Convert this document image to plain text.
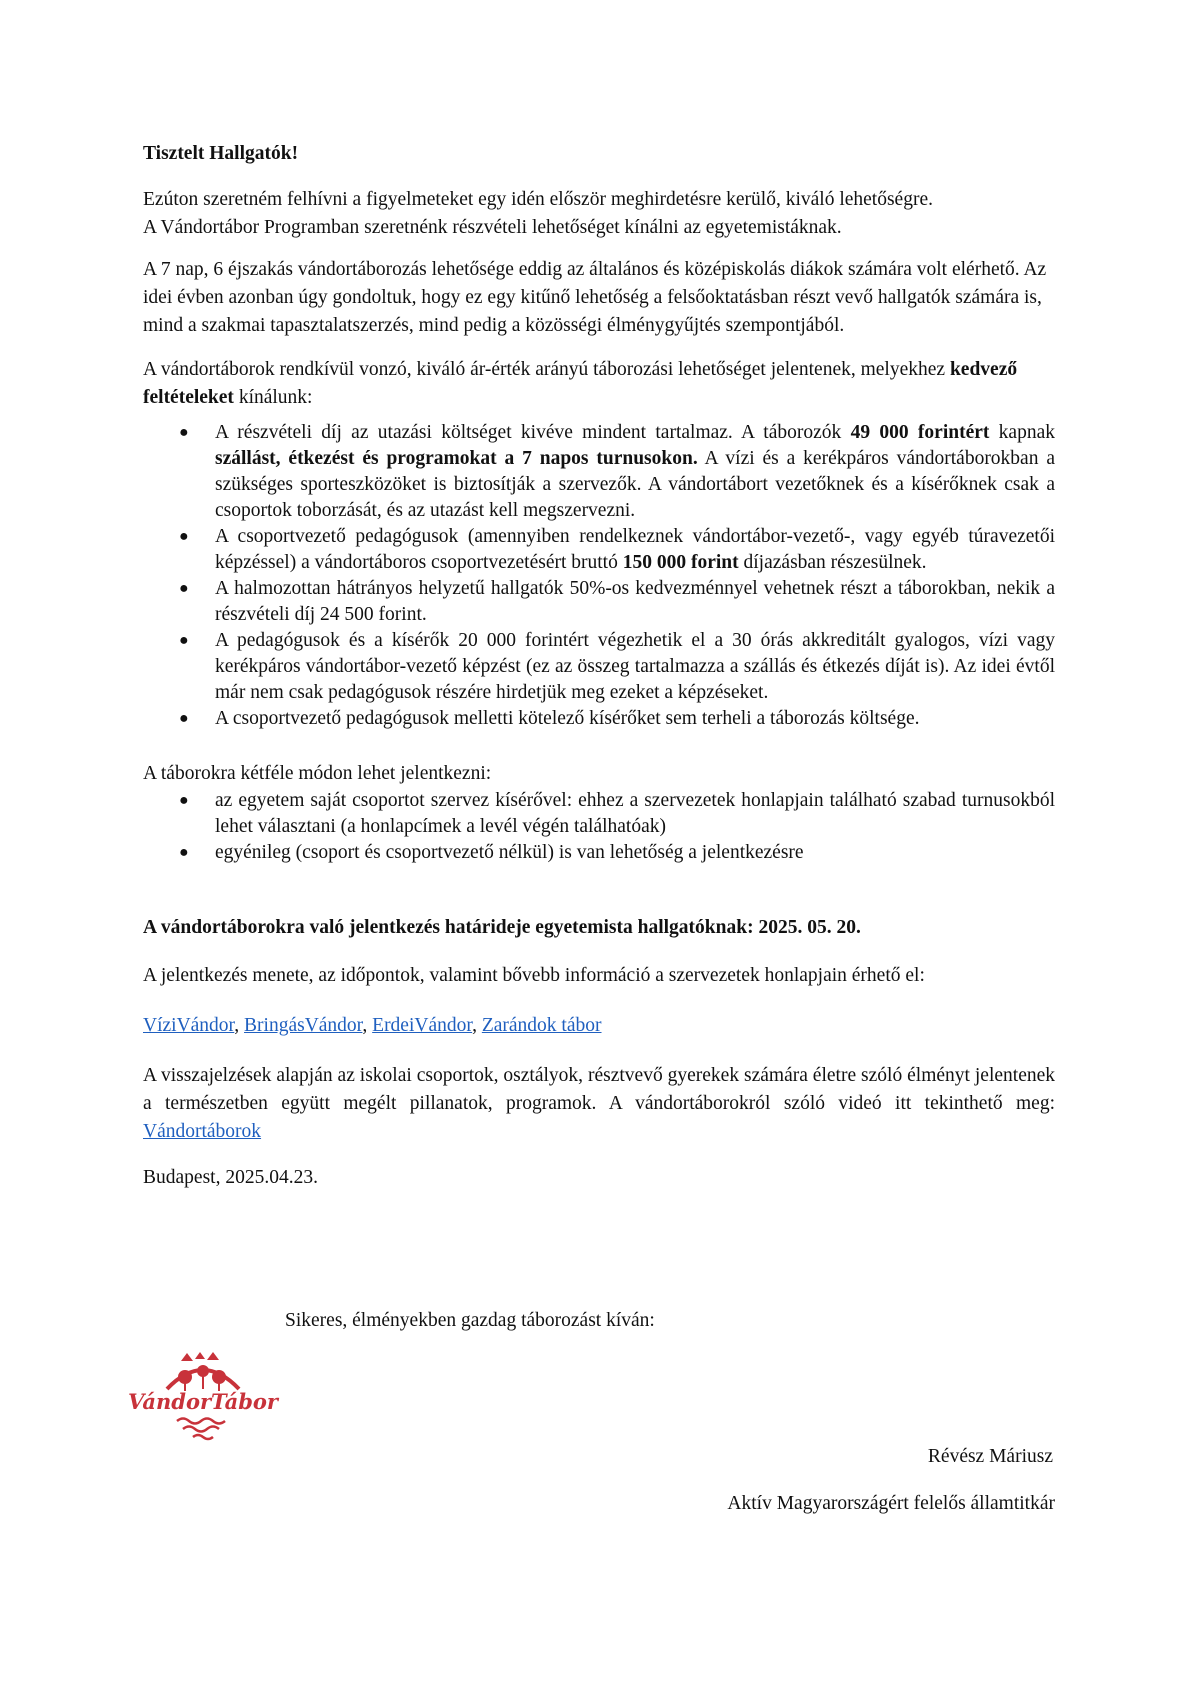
Tisztelt Hallgatók!

Ezúton szeretném felhívni a figyelmeteket egy idén először meghirdetésre kerülő, kiváló lehetőségre.

A Vándortábor Programban szeretnénk részvételi lehetőséget kínálni az egyetemistáknak.

A 7 nap, 6 éjszakás vándortáborozás lehetősége eddig az általános és középiskolás diákok számára volt elérhető. Az idei évben azonban úgy gondoltuk, hogy ez egy kitűnő lehetőség a felsőoktatásban részt vevő hallgatók számára is, mind a szakmai tapasztalatszerzés, mind pedig a közösségi élménygyűjtés szempontjából.

A vándortáborok rendkívül vonzó, kiváló ár-érték arányú táborozási lehetőséget jelentenek, melyekhez kedvező feltételeket kínálunk:

● A részvételi díj az utazási költséget kivéve mindent tartalmaz. A táborozók 49 000 forintért kapnak szállást, étkezést és programokat a 7 napos turnusokon. A vízi és a kerékpáros vándortáborokban a szükséges sporteszközöket is biztosítják a szervezők. A vándortábort vezetőknek és a kísérőknek csak a csoportok toborzását, és az utazást kell megszervezni.
● A csoportvezető pedagógusok (amennyiben rendelkeznek vándortábor-vezető-, vagy egyéb túravezetői képzéssel) a vándortáboros csoportvezetésért bruttó 150 000 forint díjazásban részesülnek.
● A halmozottan hátrányos helyzetű hallgatók 50%-os kedvezménnyel vehetnek részt a táborokban, nekik a részvételi díj 24 500 forint.
● A pedagógusok és a kísérők 20 000 forintért végezhetik el a 30 órás akkreditált gyalogos, vízi vagy kerékpáros vándortábor-vezető képzést (ez az összeg tartalmazza a szállás és étkezés díját is). Az idei évtől már nem csak pedagógusok részére hirdetjük meg ezeket a képzéseket.
● A csoportvezető pedagógusok melletti kötelező kísérőket sem terheli a táborozás költsége.

A táborokra kétféle módon lehet jelentkezni:

● az egyetem saját csoportot szervez kísérővel: ehhez a szervezetek honlapjain található szabad turnusokból lehet választani (a honlapcímek a levél végén találhatóak)
● egyénileg (csoport és csoportvezető nélkül) is van lehetőség a jelentkezésre

A vándortáborokra való jelentkezés határideje egyetemista hallgatóknak: 2025. 05. 20.

A jelentkezés menete, az időpontok, valamint bővebb információ a szervezetek honlapjain érhető el:

VíziVándor, BringásVándor, ErdeiVándor, Zarándok tábor

A visszajelzések alapján az iskolai csoportok, osztályok, résztvevő gyerekek számára életre szóló élményt jelentenek a természetben együtt megélt pillanatok, programok. A vándortáborokról szóló videó itt tekinthető meg: Vándortáborok

Budapest, 2025.04.23.

Sikeres, élményekben gazdag táborozást kíván:

VándorTábor

Révész Máriusz

Aktív Magyarországért felelős államtitkár
